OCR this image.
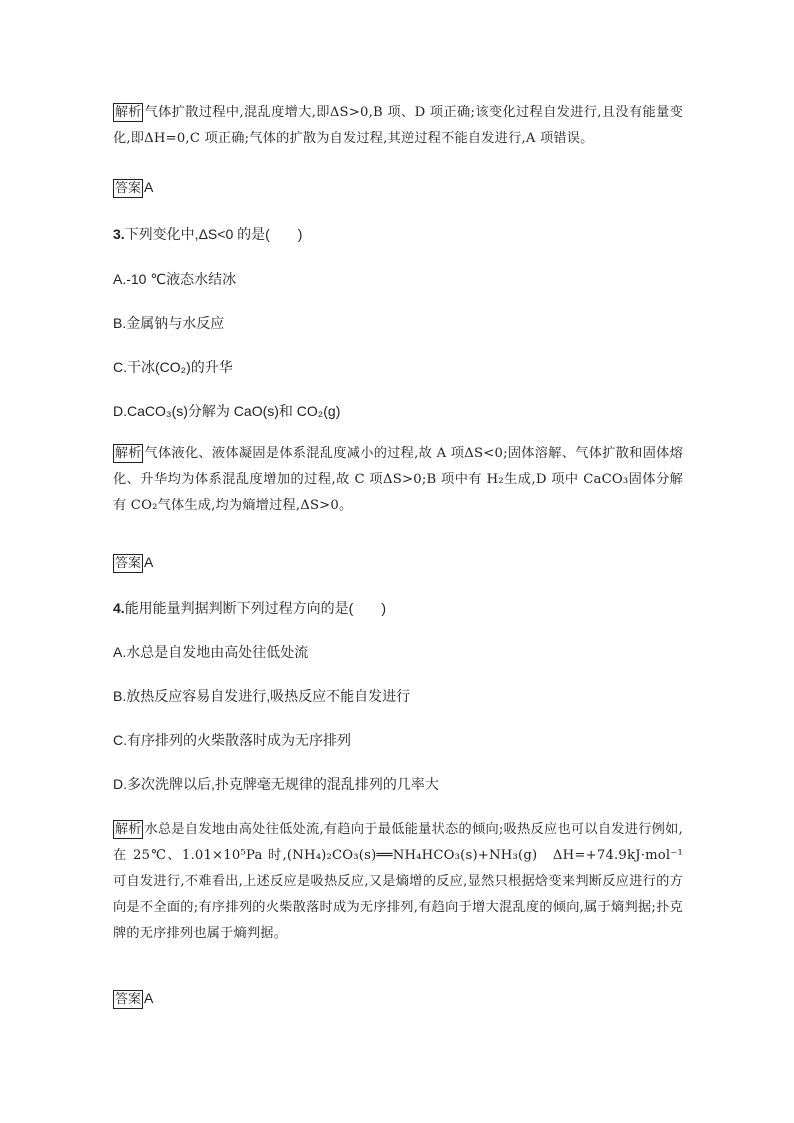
解析 气体扩散过程中,混乱度增大,即ΔS>0,B 项、D 项正确;该变化过程自发进行,且没有能量变化,即ΔH=0,C 项正确;气体的扩散为自发过程,其逆过程不能自发进行,A 项错误。
答案 A
3.下列变化中,ΔS<0 的是(　　)
A.-10 ℃液态水结冰
B.金属钠与水反应
C.干冰(CO₂)的升华
D.CaCO₃(s)分解为 CaO(s)和 CO₂(g)
解析 气体液化、液体凝固是体系混乱度减小的过程,故 A 项ΔS<0;固体溶解、气体扩散和固体熔化、升华均为体系混乱度增加的过程,故 C 项ΔS>0;B 项中有 H₂生成,D 项中 CaCO₃固体分解有 CO₂气体生成,均为熵增过程,ΔS>0。
答案 A
4.能用能量判据判断下列过程方向的是(　　)
A.水总是自发地由高处往低处流
B.放热反应容易自发进行,吸热反应不能自发进行
C.有序排列的火柴散落时成为无序排列
D.多次洗牌以后,扑克牌毫无规律的混乱排列的几率大
解析 水总是自发地由高处往低处流,有趋向于最低能量状态的倾向;吸热反应也可以自发进行例如,在 25℃、1.01×10⁵Pa 时,(NH₄)₂CO₃(s)══NH₄HCO₃(s)+NH₃(g)　ΔH=+74.9kJ·mol⁻¹ 可自发进行,不难看出,上述反应是吸热反应,又是熵增的反应,显然只根据焓变来判断反应进行的方向是不全面的;有序排列的火柴散落时成为无序排列,有趋向于增大混乱度的倾向,属于熵判据;扑克牌的无序排列也属于熵判据。
答案 A
